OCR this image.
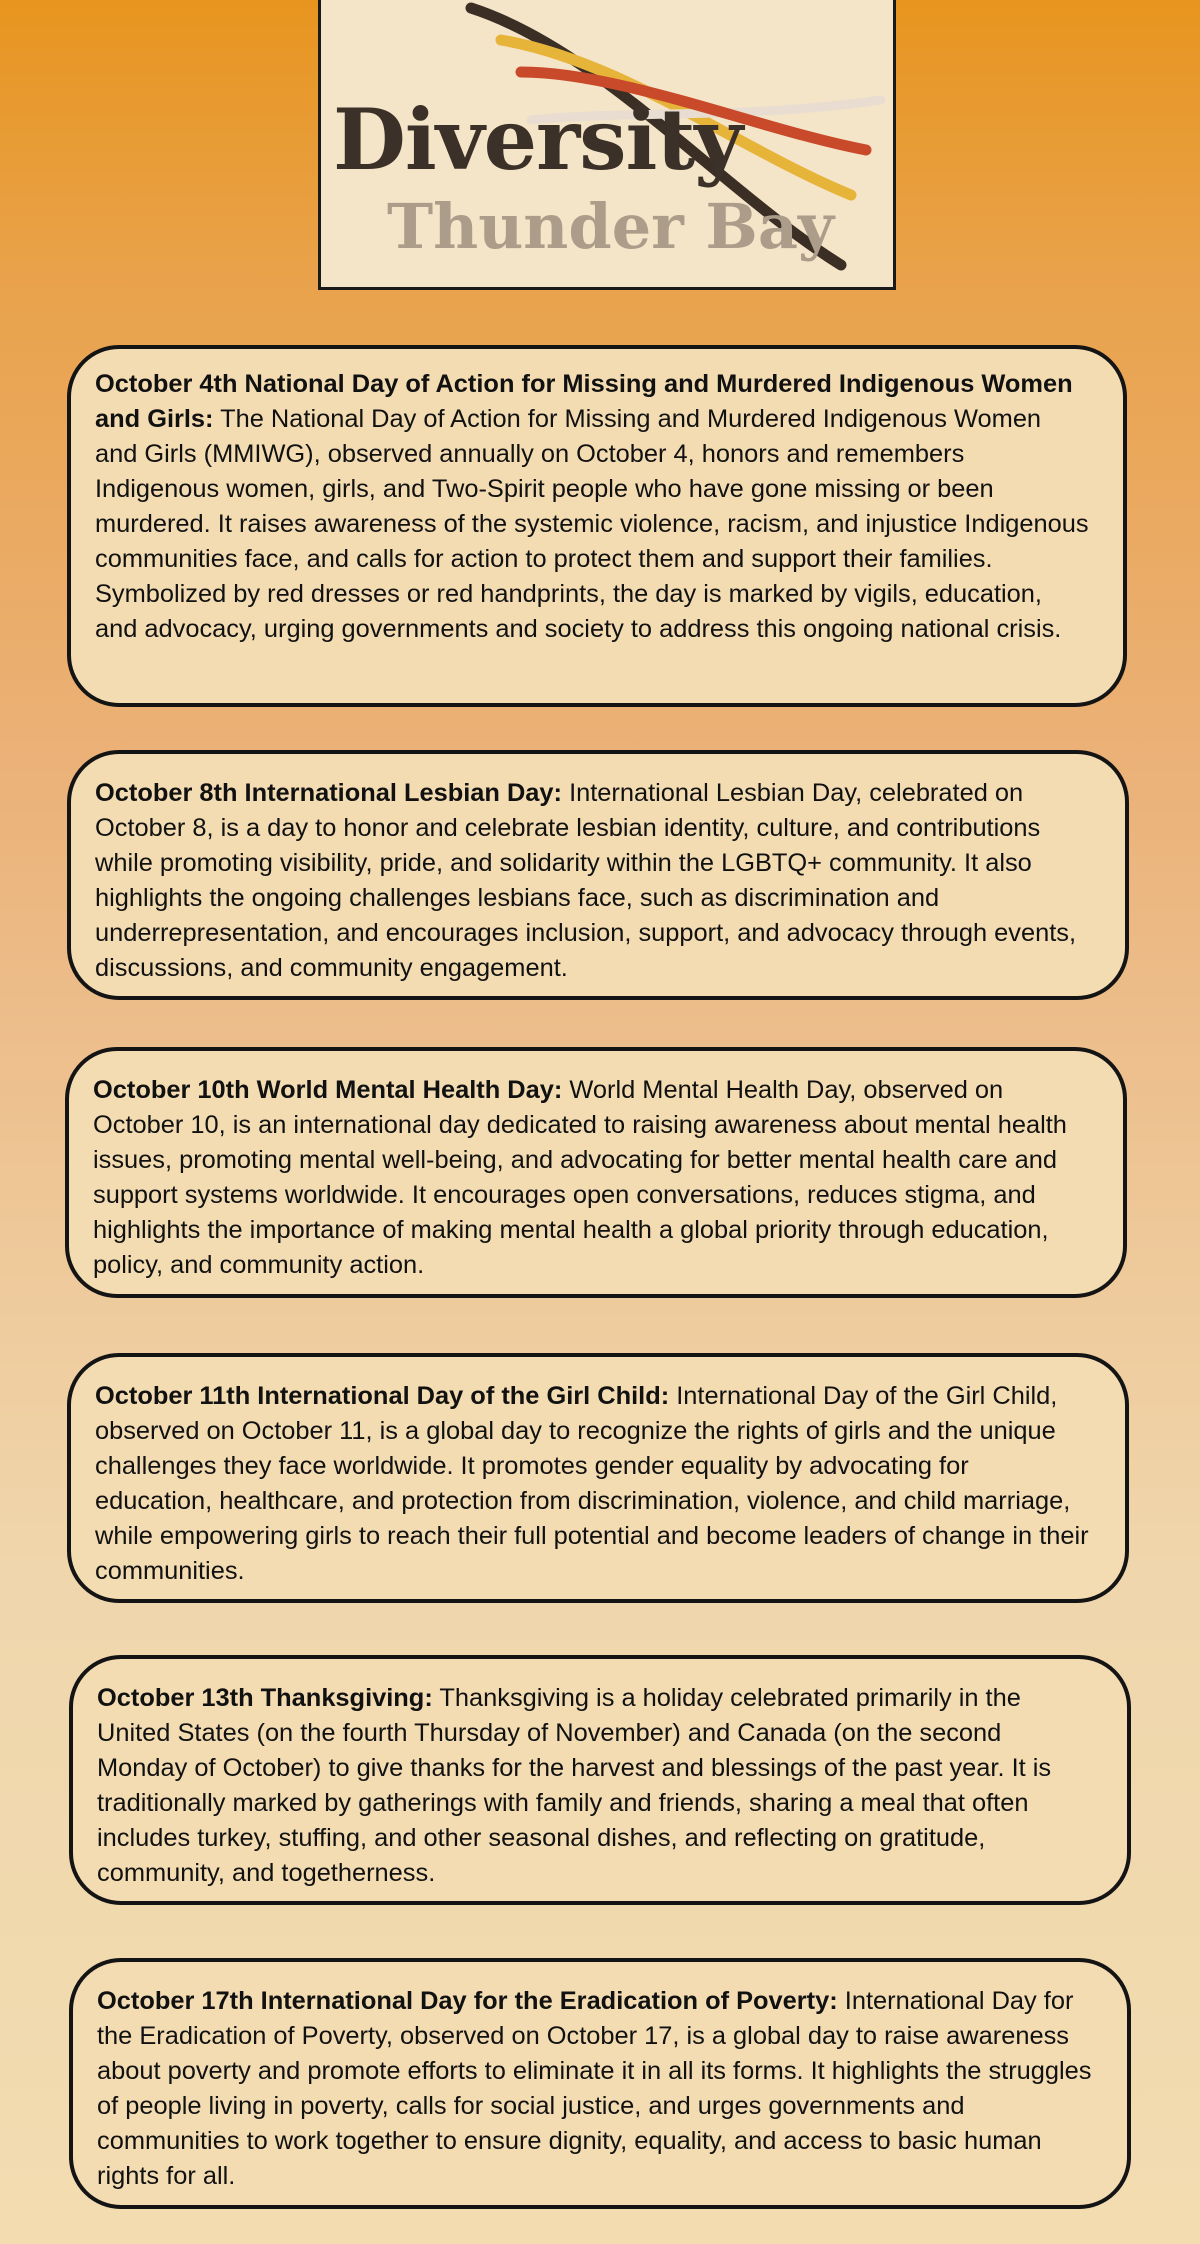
Diversity
Thunder Bay
October 4th National Day of Action for Missing and Murdered Indigenous Women and Girls: The National Day of Action for Missing and Murdered Indigenous Women and Girls (MMIWG), observed annually on October 4, honors and remembers Indigenous women, girls, and Two-Spirit people who have gone missing or been murdered. It raises awareness of the systemic violence, racism, and injustice Indigenous communities face, and calls for action to protect them and support their families. Symbolized by red dresses or red handprints, the day is marked by vigils, education, and advocacy, urging governments and society to address this ongoing national crisis.
October 8th International Lesbian Day: International Lesbian Day, celebrated on October 8, is a day to honor and celebrate lesbian identity, culture, and contributions while promoting visibility, pride, and solidarity within the LGBTQ+ community. It also highlights the ongoing challenges lesbians face, such as discrimination and underrepresentation, and encourages inclusion, support, and advocacy through events, discussions, and community engagement.
October 10th World Mental Health Day: World Mental Health Day, observed on October 10, is an international day dedicated to raising awareness about mental health issues, promoting mental well-being, and advocating for better mental health care and support systems worldwide. It encourages open conversations, reduces stigma, and highlights the importance of making mental health a global priority through education, policy, and community action.
October 11th International Day of the Girl Child: International Day of the Girl Child, observed on October 11, is a global day to recognize the rights of girls and the unique challenges they face worldwide. It promotes gender equality by advocating for education, healthcare, and protection from discrimination, violence, and child marriage, while empowering girls to reach their full potential and become leaders of change in their communities.
October 13th Thanksgiving: Thanksgiving is a holiday celebrated primarily in the United States (on the fourth Thursday of November) and Canada (on the second Monday of October) to give thanks for the harvest and blessings of the past year. It is traditionally marked by gatherings with family and friends, sharing a meal that often includes turkey, stuffing, and other seasonal dishes, and reflecting on gratitude, community, and togetherness.
October 17th International Day for the Eradication of Poverty: International Day for the Eradication of Poverty, observed on October 17, is a global day to raise awareness about poverty and promote efforts to eliminate it in all its forms. It highlights the struggles of people living in poverty, calls for social justice, and urges governments and communities to work together to ensure dignity, equality, and access to basic human rights for all.
